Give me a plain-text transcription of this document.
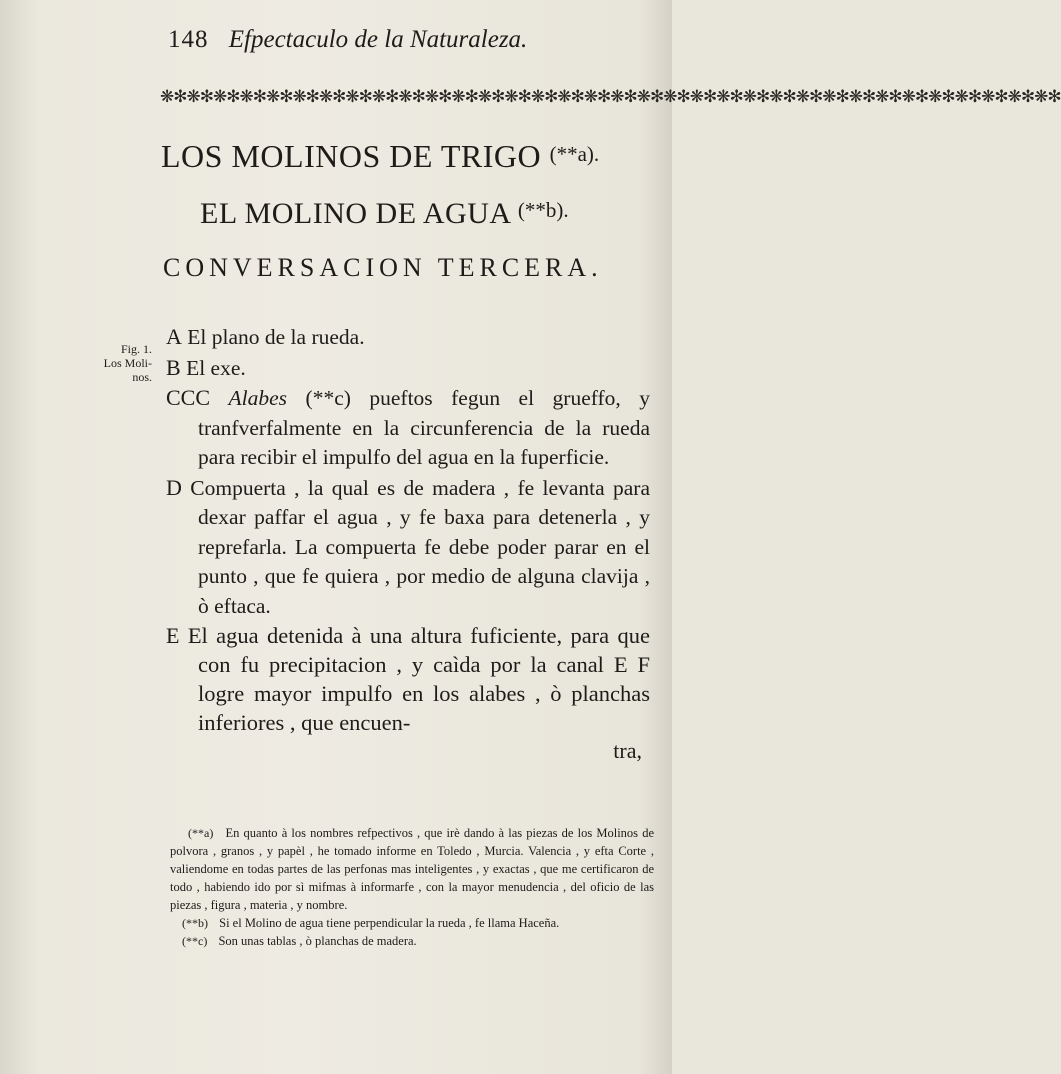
148 Efpectaculo de la Naturaleza.
❋✻❋✻❋✻❋✻❋✻❋✻❋✻❋✻❋✻❋✻❋✻❋✻❋✻❋✻❋✻❋✻❋✻❋✻❋✻❋✻❋✻❋✻❋✻❋✻❋✻❋✻❋✻❋✻❋✻❋✻❋✻❋✻❋✻❋✻
LOS MOLINOS DE TRIGO $^{(**a).}$
EL MOLINO DE AGUA $^{(**b).}$
CONVERSACION TERCERA.
Fig. 1.
Los Moli-
nos.
A El plano de la rueda.
B El exe.
CCC Alabes (**c) pueftos fegun el grueffo, y tranfverfalmente en la circunferencia de la rueda para recibir el impulfo del agua en la fuperficie.
D Compuerta , la qual es de madera , fe levanta para dexar paffar el agua , y fe baxa para detenerla , y reprefarla. La compuerta fe debe poder parar en el punto , que fe quiera , por medio de alguna clavija , ò eftaca.
E El agua detenida à una altura fuficiente, para que con fu precipitacion , y caìda por la canal E F logre mayor impulfo en los alabes , ò planchas inferiores , que encuen-
tra,
(**a) En quanto à los nombres refpectivos , que irè dando à las piezas de los Molinos de polvora , granos , y papèl , he tomado informe en Toledo , Murcia. Valencia , y efta Corte , valiendome en todas partes de las perfonas mas inteligentes , y exactas , que me certificaron de todo , habiendo ido por sì mifmas à informarfe , con la mayor menudencia , del oficio de las piezas , figura , materia , y nombre.
(**b) Si el Molino de agua tiene perpendicular la rueda , fe llama Haceña.
(**c) Son unas tablas , ò planchas de madera.
